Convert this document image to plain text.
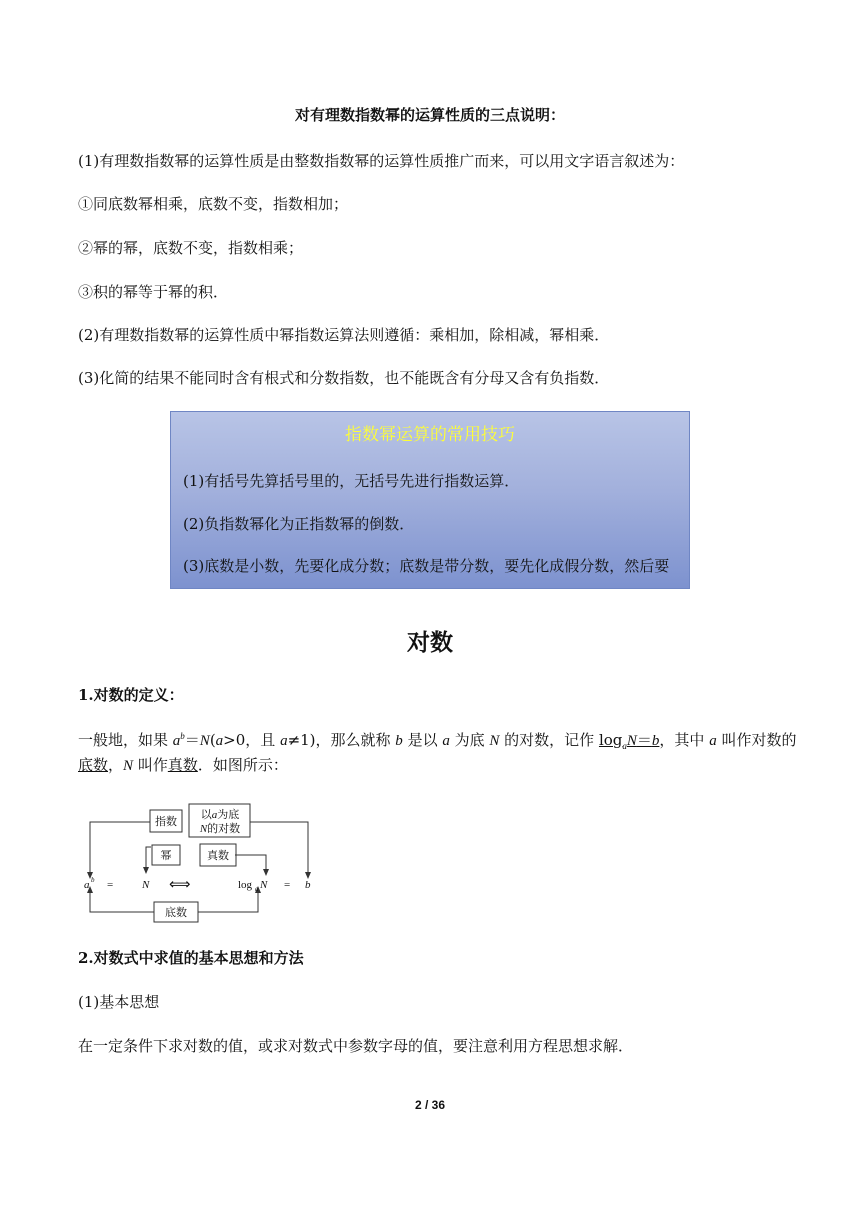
对有理数指数幂的运算性质的三点说明：
(1)有理数指数幂的运算性质是由整数指数幂的运算性质推广而来，可以用文字语言叙述为：
①同底数幂相乘，底数不变，指数相加；
②幂的幂，底数不变，指数相乘；
③积的幂等于幂的积．
(2)有理数指数幂的运算性质中幂指数运算法则遵循：乘相加，除相减，幂相乘．
(3)化简的结果不能同时含有根式和分数指数，也不能既含有分母又含有负指数．
指数幂运算的常用技巧
(1)有括号先算括号里的，无括号先进行指数运算．
(2)负指数幂化为正指数幂的倒数．
(3)底数是小数，先要化成分数；底数是带分数，要先化成假分数，然后要
对数
1.对数的定义：
一般地，如果 $a^b=N(a>0$，且 a≠1)，那么就称 b 是以 a 为底 N 的对数，记作 $\log_aN=b$，其中 a 叫作对数的
底数，N 叫作真数．如图所示：
指数
以a为底
N的对数
幂	真数
底数
a b =	N ⟺	log a N = b
2.对数式中求值的基本思想和方法
(1)基本思想
在一定条件下求对数的值，或求对数式中参数字母的值，要注意利用方程思想求解．
2 / 36
